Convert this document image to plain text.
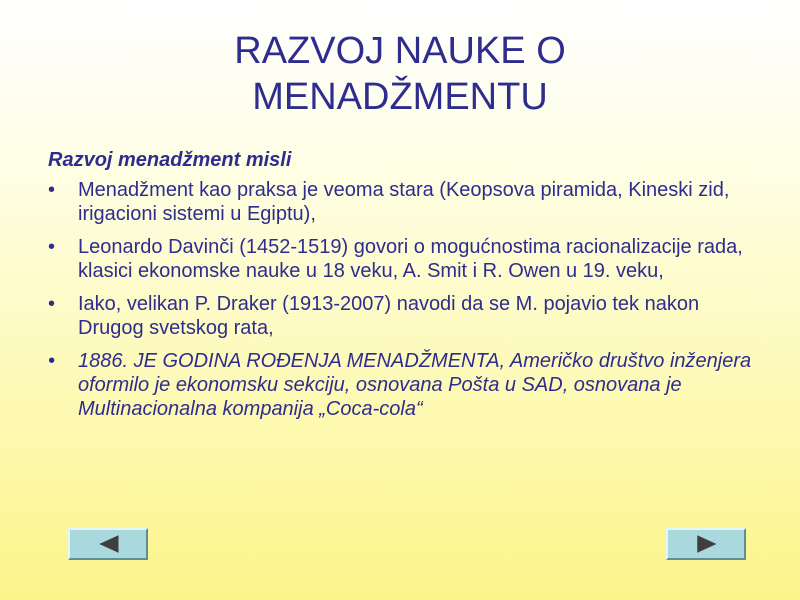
RAZVOJ NAUKE O
MENADŽMENTU
Razvoj menadžment misli
• Menadžment kao praksa je veoma stara (Keopsova piramida, Kineski zid, irigacioni sistemi u Egiptu),
• Leonardo Davinči (1452-1519) govori o mogućnostima racionalizacije rada, klasici ekonomske nauke u 18 veku, A. Smit i R. Owen u 19. veku,
• Iako, velikan P. Draker (1913-2007) navodi da se M. pojavio tek nakon Drugog svetskog rata,
• 1886. JE GODINA ROĐENJA MENADŽMENTA, Američko društvo inženjera oformilo je ekonomsku sekciju, osnovana Pošta u SAD, osnovana je Multinacionalna kompanija „Coca-cola“
